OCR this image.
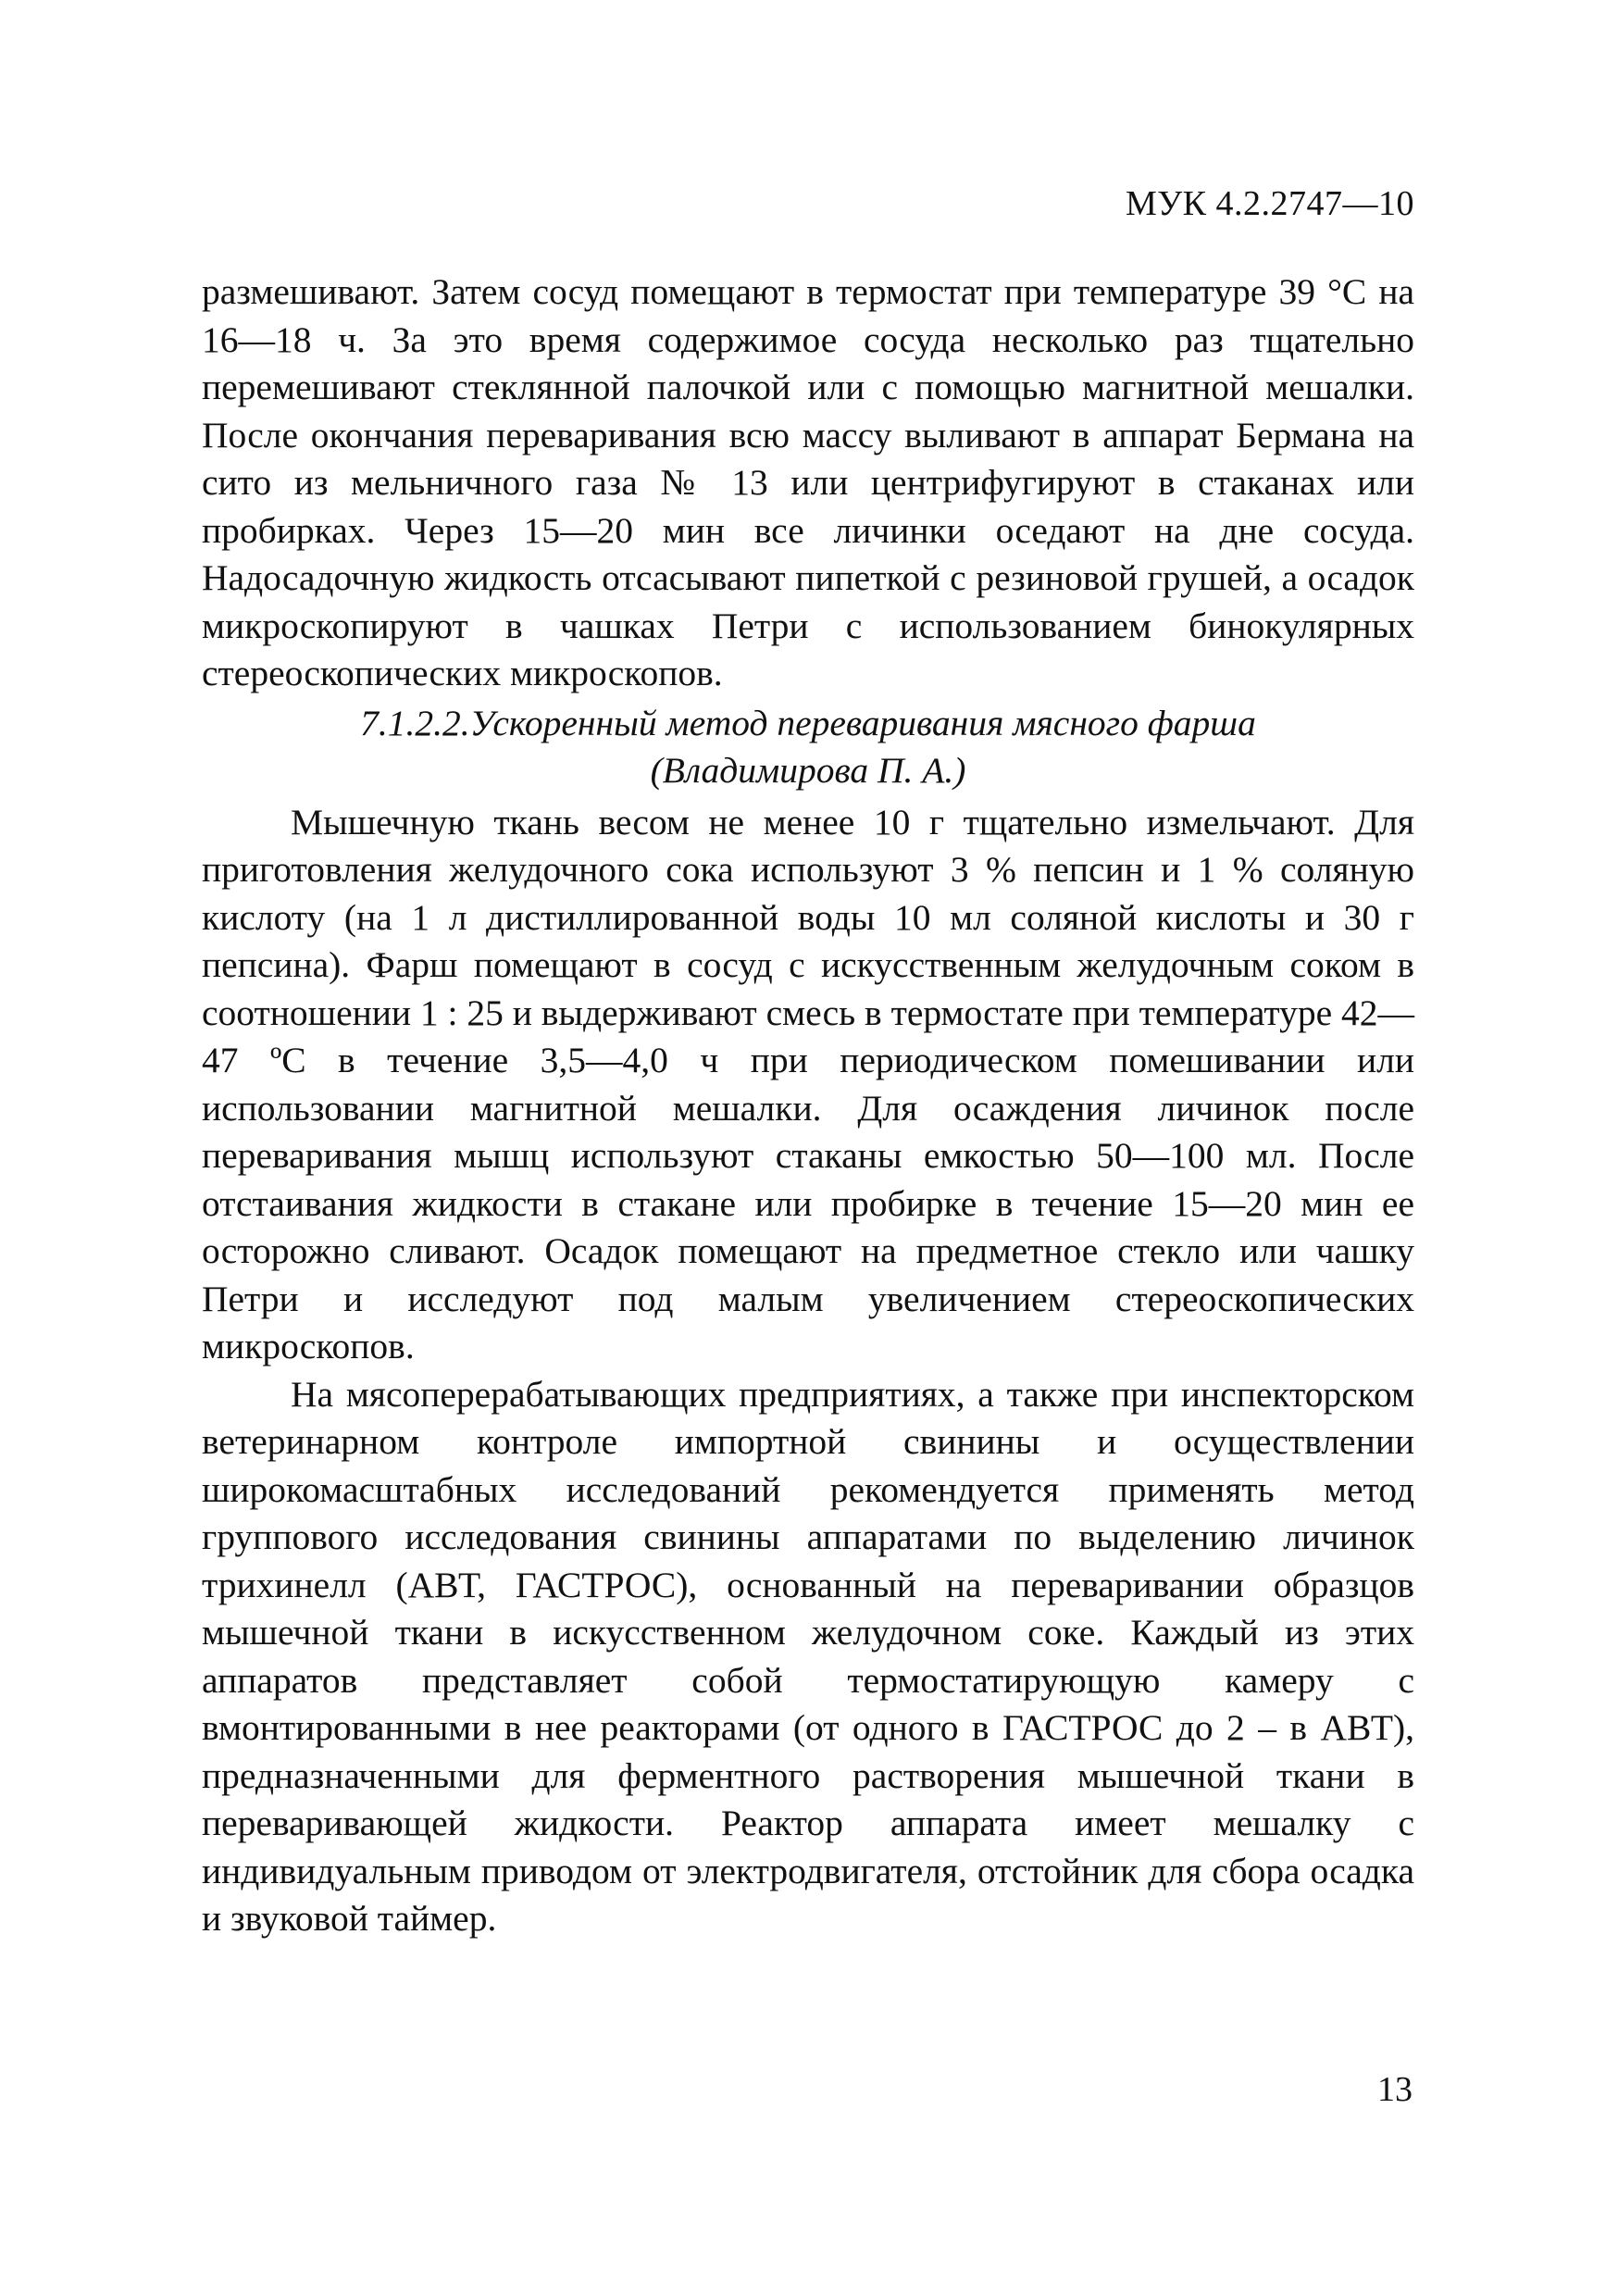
МУК 4.2.2747—10

размешивают. Затем сосуд помещают в термостат при температуре 39 °С на 16—18 ч. За это время содержимое сосуда несколько раз тщательно перемешивают стеклянной палочкой или с помощью магнитной мешалки. После окончания переваривания всю массу выливают в аппарат Бермана на сито из мельничного газа № 13 или центрифугируют в стаканах или пробирках. Через 15—20 мин все личинки оседают на дне сосуда. Надосадочную жидкость отсасывают пипеткой с резиновой грушей, а осадок микроскопируют в чашках Петри с использованием бинокулярных стереоскопических микроскопов.

7.1.2.2.Ускоренный метод переваривания мясного фарша
(Владимирова П. А.)

Мышечную ткань весом не менее 10 г тщательно измельчают. Для приготовления желудочного сока используют 3 % пепсин и 1 % соляную кислоту (на 1 л дистиллированной воды 10 мл соляной кислоты и 30 г пепсина). Фарш помещают в сосуд с искусственным желудочным соком в соотношении 1 : 25 и выдерживают смесь в термостате при температуре 42—47 ºС в течение 3,5—4,0 ч при периодическом помешивании или использовании магнитной мешалки. Для осаждения личинок после переваривания мышц используют стаканы емкостью 50—100 мл. После отстаивания жидкости в стакане или пробирке в течение 15—20 мин ее осторожно сливают. Осадок помещают на предметное стекло или чашку Петри и исследуют под малым увеличением стереоскопических микроскопов.

На мясоперерабатывающих предприятиях, а также при инспекторском ветеринарном контроле импортной свинины и осуществлении широкомасштабных исследований рекомендуется применять метод группового исследования свинины аппаратами по выделению личинок трихинелл (АВТ, ГАСТРОС), основанный на переваривании образцов мышечной ткани в искусственном желудочном соке. Каждый из этих аппаратов представляет собой термостатирующую камеру с вмонтированными в нее реакторами (от одного в ГАСТРОС до 2 – в АВТ), предназначенными для ферментного растворения мышечной ткани в переваривающей жидкости. Реактор аппарата имеет мешалку с индивидуальным приводом от электродвигателя, отстойник для сбора осадка и звуковой таймер.

13
